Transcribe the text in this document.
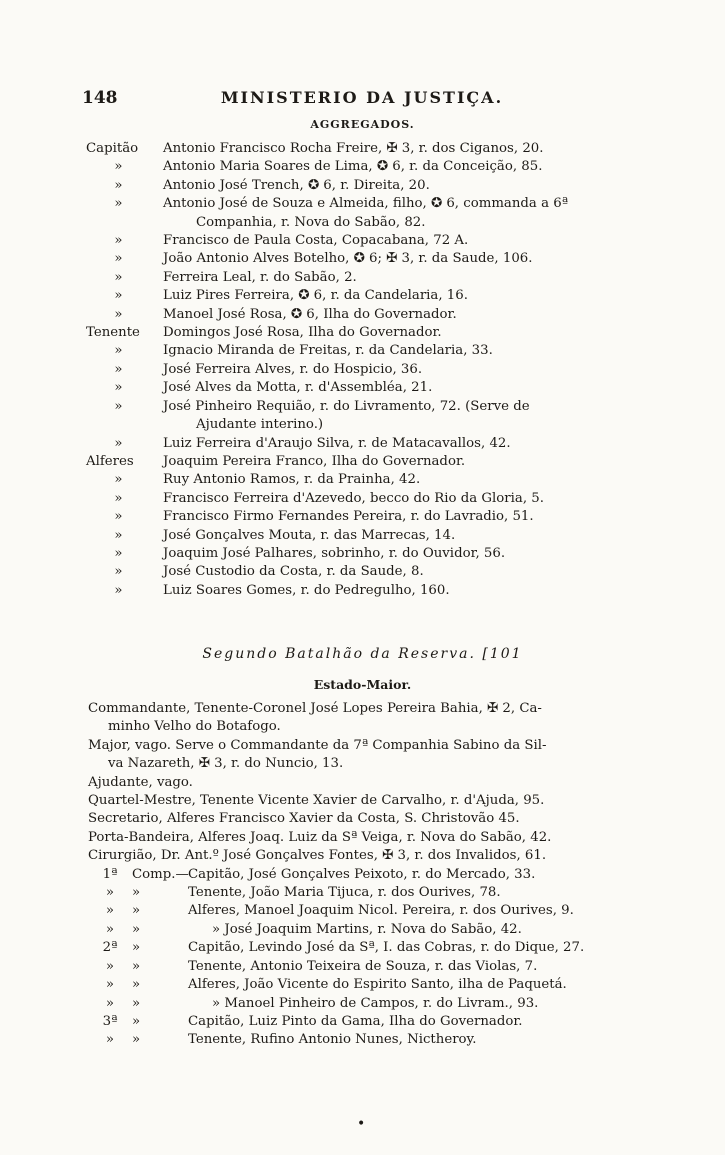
148	MINISTERIO DA JUSTIÇA.
AGGREGADOS.
Capitão	Antonio Francisco Rocha Freire, ✠ 3, r. dos Ciganos, 20.
»	Antonio Maria Soares de Lima, ✪ 6, r. da Conceição, 85.
»	Antonio José Trench, ✪ 6, r. Direita, 20.
»	Antonio José de Souza e Almeida, filho, ✪ 6, commanda a 6ª
Companhia, r. Nova do Sabão, 82.
»	Francisco de Paula Costa, Copacabana, 72 A.
»	João Antonio Alves Botelho, ✪ 6; ✠ 3, r. da Saude, 106.
»	Ferreira Leal, r. do Sabão, 2.
»	Luiz Pires Ferreira, ✪ 6, r. da Candelaria, 16.
»	Manoel José Rosa, ✪ 6, Ilha do Governador.
Tenente	Domingos José Rosa, Ilha do Governador.
»	Ignacio Miranda de Freitas, r. da Candelaria, 33.
»	José Ferreira Alves, r. do Hospicio, 36.
»	José Alves da Motta, r. d'Assembléa, 21.
»	José Pinheiro Requião, r. do Livramento, 72. (Serve de
Ajudante interino.)
»	Luiz Ferreira d'Araujo Silva, r. de Matacavallos, 42.
Alferes	Joaquim Pereira Franco, Ilha do Governador.
»	Ruy Antonio Ramos, r. da Prainha, 42.
»	Francisco Ferreira d'Azevedo, becco do Rio da Gloria, 5.
»	Francisco Firmo Fernandes Pereira, r. do Lavradio, 51.
»	José Gonçalves Mouta, r. das Marrecas, 14.
»	Joaquim José Palhares, sobrinho, r. do Ouvidor, 56.
»	José Custodio da Costa, r. da Saude, 8.
»	Luiz Soares Gomes, r. do Pedregulho, 160.
Segundo Batalhão da Reserva. [101
Estado-Maior.
Commandante, Tenente-Coronel José Lopes Pereira Bahia, ✠ 2, Ca-
minho Velho do Botafogo.
Major, vago. Serve o Commandante da 7ª Companhia Sabino da Sil-
va Nazareth, ✠ 3, r. do Nuncio, 13.
Ajudante, vago.
Quartel-Mestre, Tenente Vicente Xavier de Carvalho, r. d'Ajuda, 95.
Secretario, Alferes Francisco Xavier da Costa, S. Christovão 45.
Porta-Bandeira, Alferes Joaq. Luiz da Sª Veiga, r. Nova do Sabão, 42.
Cirurgião, Dr. Ant.º José Gonçalves Fontes, ✠ 3, r. dos Invalidos, 61.
1ª	Comp.— Capitão, José Gonçalves Peixoto, r. do Mercado, 33.
»	»	Tenente, João Maria Tijuca, r. dos Ourives, 78.
»	»	Alferes, Manoel Joaquim Nicol. Pereira, r. dos Ourives, 9.
»	»	» José Joaquim Martins, r. Nova do Sabão, 42.
2ª	»	Capitão, Levindo José da Sª, I. das Cobras, r. do Dique, 27.
»	»	Tenente, Antonio Teixeira de Souza, r. das Violas, 7.
»	»	Alferes, João Vicente do Espirito Santo, ilha de Paquetá.
»	»	» Manoel Pinheiro de Campos, r. do Livram., 93.
3ª	»	Capitão, Luiz Pinto da Gama, Ilha do Governador.
»	»	Tenente, Rufino Antonio Nunes, Nictheroy.
•
